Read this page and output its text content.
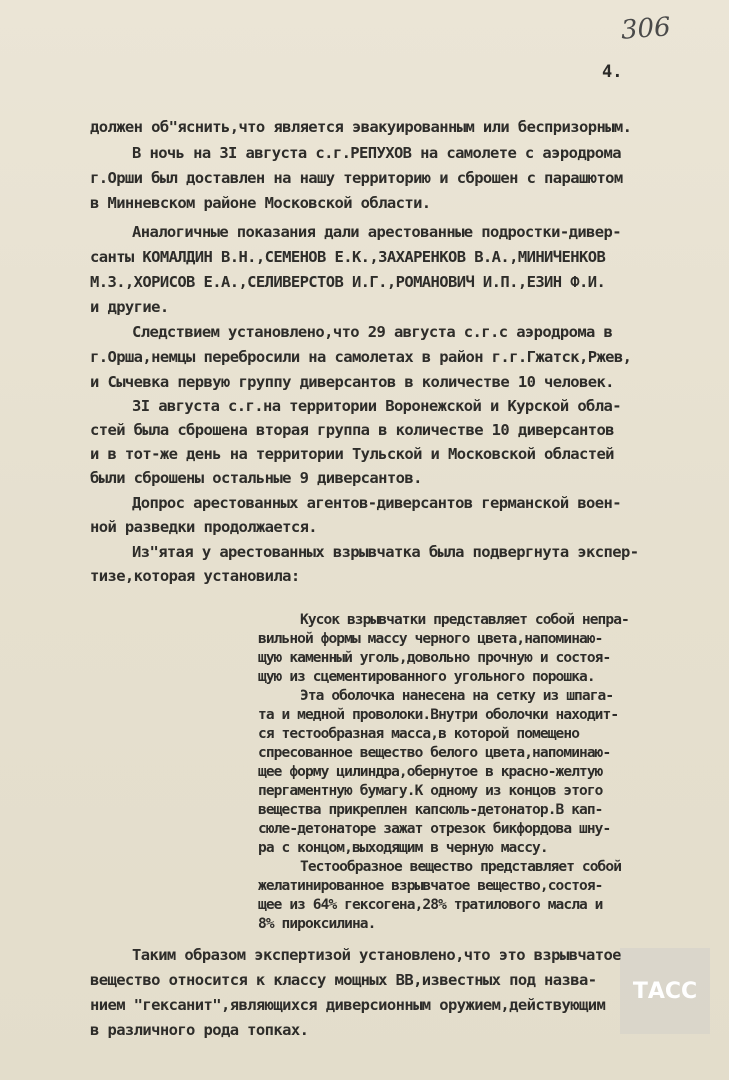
306
4.
должен об"яснить,что является эвакуированным или беспризорным.
В ночь на 3I августа с.г.РЕПУХОВ на самолете с аэродрома
г.Орши был доставлен на нашу территорию и сброшен с парашютом
в Минневском районе Московской области.
Аналогичные показания дали арестованные подростки-дивер-
санты КОМАЛДИН В.Н.,СЕМЕНОВ Е.К.,ЗАХАРЕНКОВ В.А.,МИНИЧЕНКОВ
М.З.,ХОРИСОВ Е.А.,СЕЛИВЕРСТОВ И.Г.,РОМАНОВИЧ И.П.,ЕЗИН Ф.И.
и другие.
Следствием установлено,что 29 августа с.г.с аэродрома в
г.Орша,немцы перебросили на самолетах в район г.г.Гжатск,Ржев,
и Сычевка первую группу диверсантов в количестве 10 человек.
3I августа с.г.на территории Воронежской и Курской обла-
стей была сброшена вторая группа в количестве 10 диверсантов
и в тот-же день на территории Тульской и Московской областей
были сброшены остальные 9 диверсантов.
Допрос арестованных агентов-диверсантов германской воен-
ной разведки продолжается.
Из"ятая у арестованных взрывчатка была подвергнута экспер-
тизе,которая установила:
Кусок взрывчатки представляет собой непра-
вильной формы массу черного цвета,напоминаю-
щую каменный уголь,довольно прочную и состоя-
щую из сцементированного угольного порошка.
Эта оболочка нанесена на сетку из шпага-
та и медной проволоки.Внутри оболочки находит-
ся тестообразная масса,в которой помещено
спресованное вещество белого цвета,напоминаю-
щее форму цилиндра,обернутое в красно-желтую
пергаментную бумагу.К одному из концов этого
вещества прикреплен капсюль-детонатор.В кап-
сюле-детонаторе зажат отрезок бикфордова шну-
ра с концом,выходящим в черную массу.
Тестообразное вещество представляет собой
желатинированное взрывчатое вещество,состоя-
щее из 64% гексогена,28% тратилового масла и
8% пироксилина.
Таким образом экспертизой установлено,что это взрывчатое
вещество относится к классу мощных ВВ,известных под назва-
нием "гексанит",являющихся диверсионным оружием,действующим
в различного рода топках.
ТАСС
